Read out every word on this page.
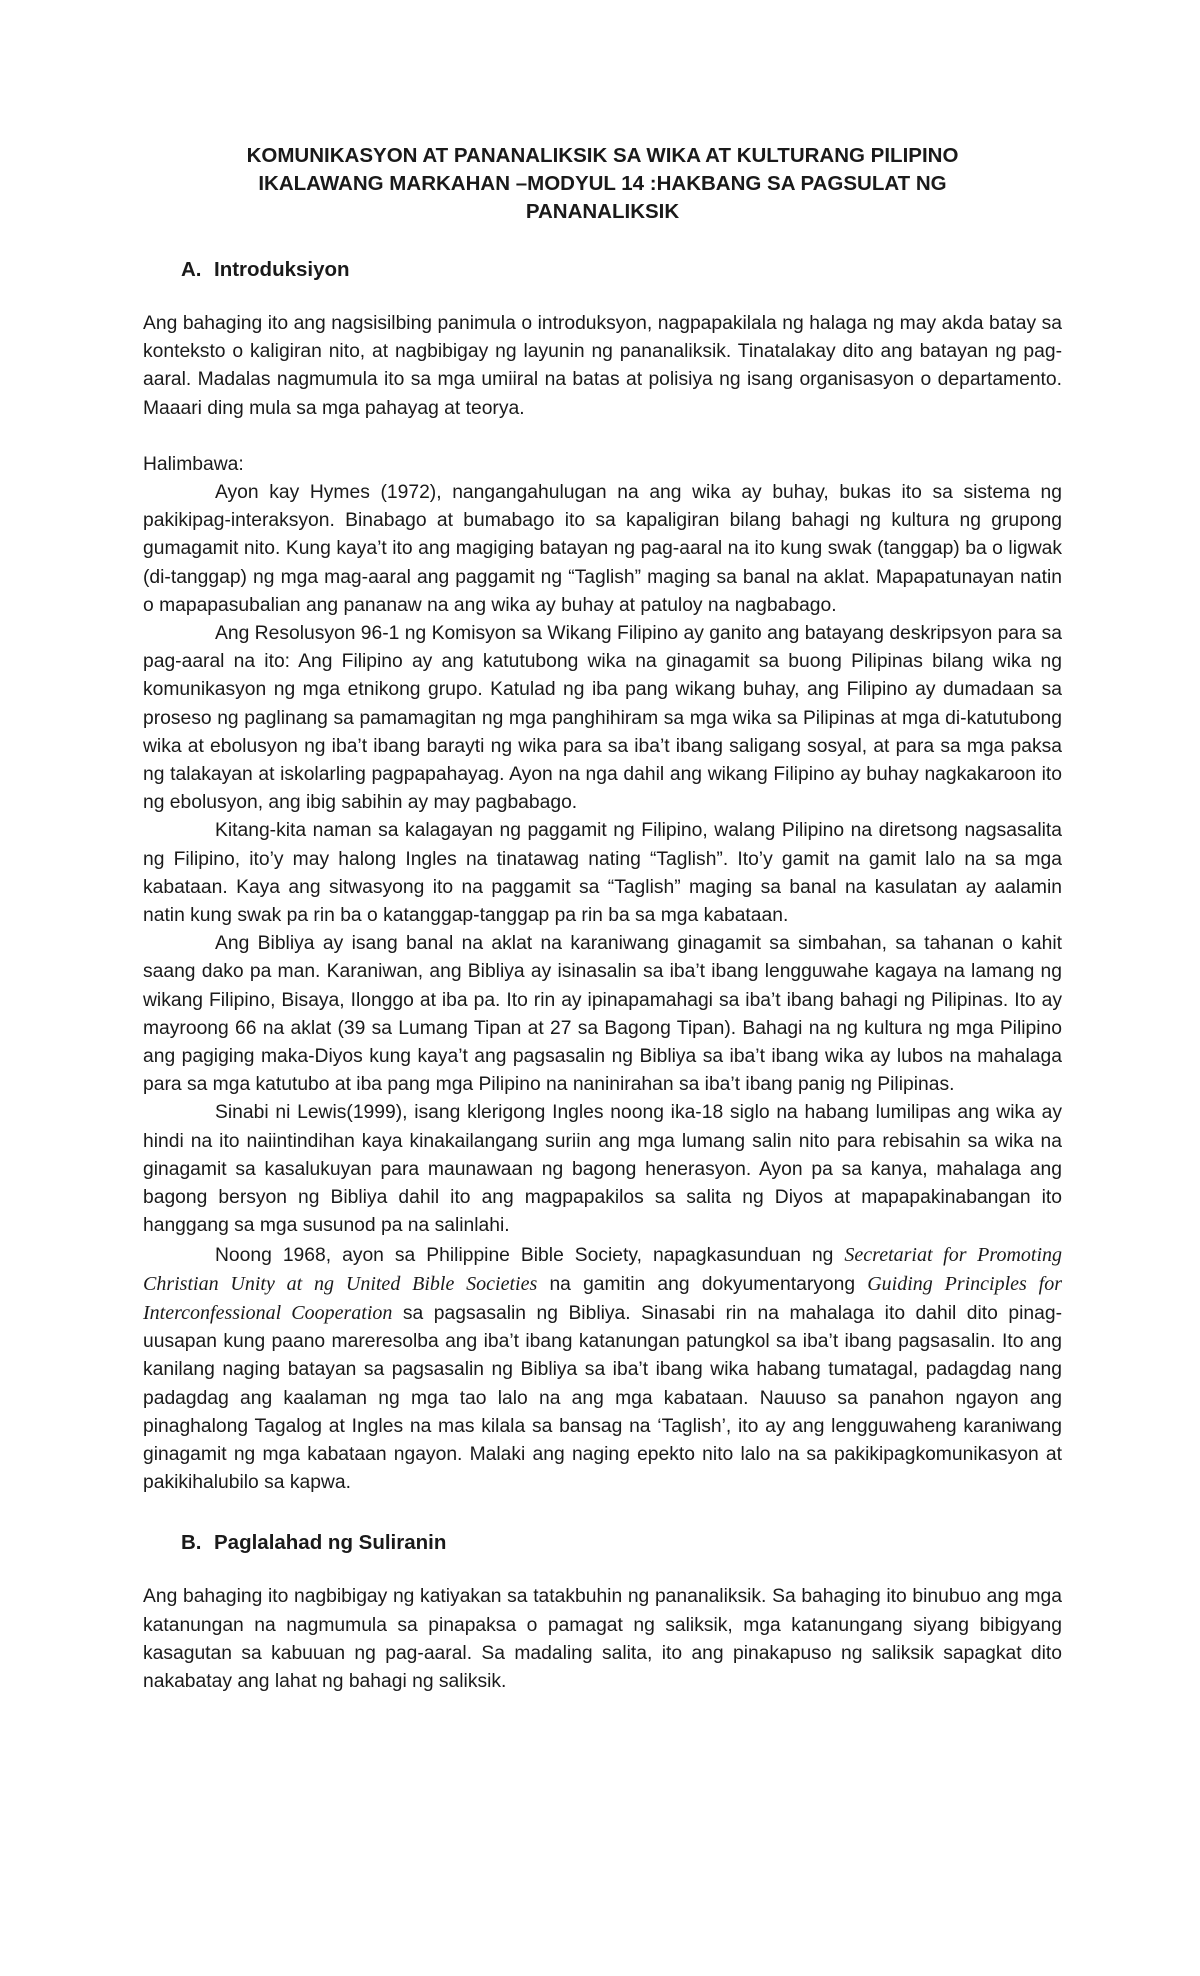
KOMUNIKASYON AT PANANALIKSIK SA WIKA AT KULTURANG PILIPINO
IKALAWANG MARKAHAN –MODYUL 14 :HAKBANG SA PAGSULAT NG
PANANALIKSIK
A. Introduksiyon

Ang bahaging ito ang nagsisilbing panimula o introduksyon, nagpapakilala ng halaga ng may akda batay sa konteksto o kaligiran nito, at nagbibigay ng layunin ng pananaliksik. Tinatalakay dito ang batayan ng pag-aaral. Madalas nagmumula ito sa mga umiiral na batas at polisiya ng isang organisasyon o departamento. Maaari ding mula sa mga pahayag at teorya.

Halimbawa:

Ayon kay Hymes (1972), nangangahulugan na ang wika ay buhay, bukas ito sa sistema ng pakikipag-interaksyon. Binabago at bumabago ito sa kapaligiran bilang bahagi ng kultura ng grupong gumagamit nito. Kung kaya’t ito ang magiging batayan ng pag-aaral na ito kung swak (tanggap) ba o ligwak (di-tanggap) ng mga mag-aaral ang paggamit ng “Taglish” maging sa banal na aklat. Mapapatunayan natin o mapapasubalian ang pananaw na ang wika ay buhay at patuloy na nagbabago.

Ang Resolusyon 96-1 ng Komisyon sa Wikang Filipino ay ganito ang batayang deskripsyon para sa pag-aaral na ito: Ang Filipino ay ang katutubong wika na ginagamit sa buong Pilipinas bilang wika ng komunikasyon ng mga etnikong grupo. Katulad ng iba pang wikang buhay, ang Filipino ay dumadaan sa proseso ng paglinang sa pamamagitan ng mga panghihiram sa mga wika sa Pilipinas at mga di-katutubong wika at ebolusyon ng iba’t ibang barayti ng wika para sa iba’t ibang saligang sosyal, at para sa mga paksa ng talakayan at iskolarling pagpapahayag. Ayon na nga dahil ang wikang Filipino ay buhay nagkakaroon ito ng ebolusyon, ang ibig sabihin ay may pagbabago.

Kitang-kita naman sa kalagayan ng paggamit ng Filipino, walang Pilipino na diretsong nagsasalita ng Filipino, ito’y may halong Ingles na tinatawag nating “Taglish”. Ito’y gamit na gamit lalo na sa mga kabataan. Kaya ang sitwasyong ito na paggamit sa “Taglish” maging sa banal na kasulatan ay aalamin natin kung swak pa rin ba o katanggap-tanggap pa rin ba sa mga kabataan.

Ang Bibliya ay isang banal na aklat na karaniwang ginagamit sa simbahan, sa tahanan o kahit saang dako pa man. Karaniwan, ang Bibliya ay isinasalin sa iba’t ibang lengguwahe kagaya na lamang ng wikang Filipino, Bisaya, Ilonggo at iba pa. Ito rin ay ipinapamahagi sa iba’t ibang bahagi ng Pilipinas. Ito ay mayroong 66 na aklat (39 sa Lumang Tipan at 27 sa Bagong Tipan). Bahagi na ng kultura ng mga Pilipino ang pagiging maka-Diyos kung kaya’t ang pagsasalin ng Bibliya sa iba’t ibang wika ay lubos na mahalaga para sa mga katutubo at iba pang mga Pilipino na naninirahan sa iba’t ibang panig ng Pilipinas.

Sinabi ni Lewis(1999), isang klerigong Ingles noong ika-18 siglo na habang lumilipas ang wika ay hindi na ito naiintindihan kaya kinakailangang suriin ang mga lumang salin nito para rebisahin sa wika na ginagamit sa kasalukuyan para maunawaan ng bagong henerasyon. Ayon pa sa kanya, mahalaga ang bagong bersyon ng Bibliya dahil ito ang magpapakilos sa salita ng Diyos at mapapakinabangan ito hanggang sa mga susunod pa na salinlahi.

Noong 1968, ayon sa Philippine Bible Society, napagkasunduan ng Secretariat for Promoting Christian Unity at ng United Bible Societies na gamitin ang dokyumentaryong Guiding Principles for Interconfessional Cooperation sa pagsasalin ng Bibliya. Sinasabi rin na mahalaga ito dahil dito pinag- uusapan kung paano mareresolba ang iba’t ibang katanungan patungkol sa iba’t ibang pagsasalin. Ito ang kanilang naging batayan sa pagsasalin ng Bibliya sa iba’t ibang wika habang tumatagal, padagdag nang padagdag ang kaalaman ng mga tao lalo na ang mga kabataan. Nauuso sa panahon ngayon ang pinaghalong Tagalog at Ingles na mas kilala sa bansag na ‘Taglish’, ito ay ang lengguwaheng karaniwang ginagamit ng mga kabataan ngayon. Malaki ang naging epekto nito lalo na sa pakikipagkomunikasyon at pakikihalubilo sa kapwa.

B. Paglalahad ng Suliranin

Ang bahaging ito nagbibigay ng katiyakan sa tatakbuhin ng pananaliksik. Sa bahaging ito binubuo ang mga katanungan na nagmumula sa pinapaksa o pamagat ng saliksik, mga katanungang siyang bibigyang kasagutan sa kabuuan ng pag-aaral. Sa madaling salita, ito ang pinakapuso ng saliksik sapagkat dito nakabatay ang lahat ng bahagi ng saliksik.
